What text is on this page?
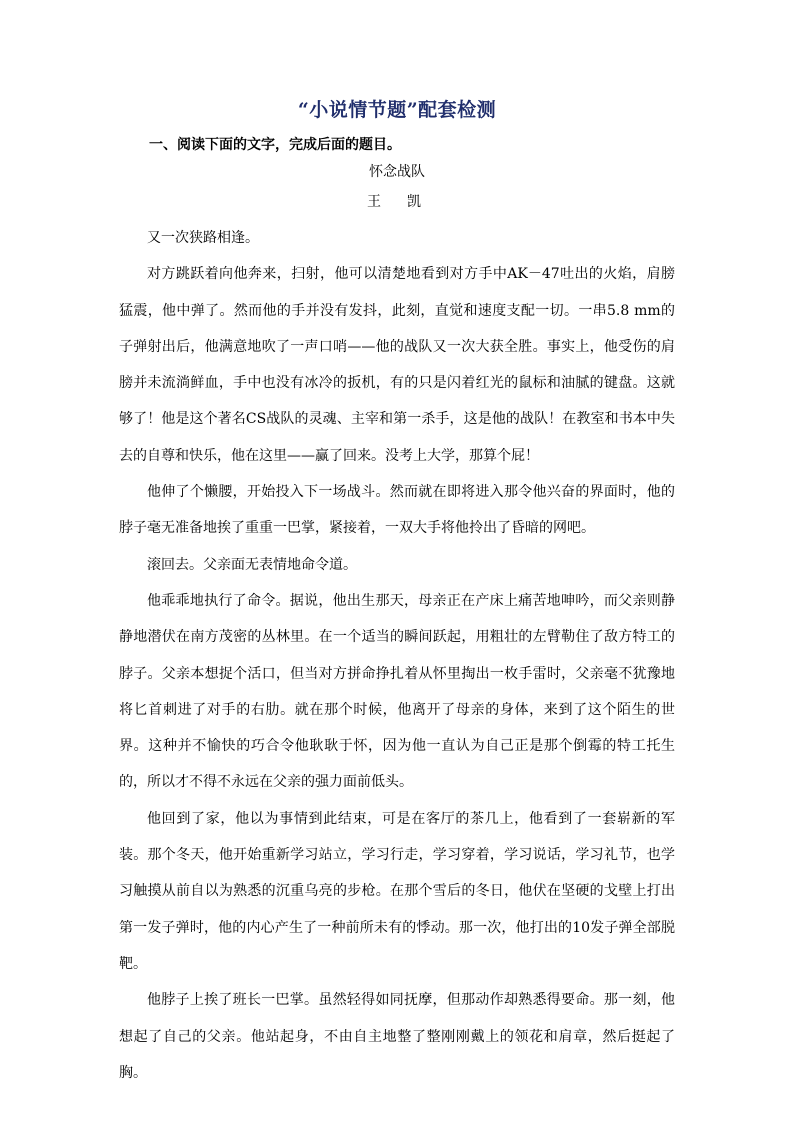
“小说情节题”配套检测
一、阅读下面的文字，完成后面的题目。
怀念战队
王　凯

又一次狭路相逢。

对方跳跃着向他奔来，扫射，他可以清楚地看到对方手中AK－47吐出的火焰，肩膀猛震，他中弹了。然而他的手并没有发抖，此刻，直觉和速度支配一切。一串5.8 mm的子弹射出后，他满意地吹了一声口哨——他的战队又一次大获全胜。事实上，他受伤的肩膀并未流淌鲜血，手中也没有冰冷的扳机，有的只是闪着红光的鼠标和油腻的键盘。这就够了！他是这个著名CS战队的灵魂、主宰和第一杀手，这是他的战队！在教室和书本中失去的自尊和快乐，他在这里——赢了回来。没考上大学，那算个屁！

他伸了个懒腰，开始投入下一场战斗。然而就在即将进入那令他兴奋的界面时，他的脖子毫无准备地挨了重重一巴掌，紧接着，一双大手将他拎出了昏暗的网吧。

滚回去。父亲面无表情地命令道。

他乖乖地执行了命令。据说，他出生那天，母亲正在产床上痛苦地呻吟，而父亲则静静地潜伏在南方茂密的丛林里。在一个适当的瞬间跃起，用粗壮的左臂勒住了敌方特工的脖子。父亲本想捉个活口，但当对方拼命挣扎着从怀里掏出一枚手雷时，父亲毫不犹豫地将匕首刺进了对手的右肋。就在那个时候，他离开了母亲的身体，来到了这个陌生的世界。这种并不愉快的巧合令他耿耿于怀，因为他一直认为自己正是那个倒霉的特工托生的，所以才不得不永远在父亲的强力面前低头。

他回到了家，他以为事情到此结束，可是在客厅的茶几上，他看到了一套崭新的军装。那个冬天，他开始重新学习站立，学习行走，学习穿着，学习说话，学习礼节，也学习触摸从前自以为熟悉的沉重乌亮的步枪。在那个雪后的冬日，他伏在坚硬的戈壁上打出第一发子弹时，他的内心产生了一种前所未有的悸动。那一次，他打出的10发子弹全部脱靶。

他脖子上挨了班长一巴掌。虽然轻得如同抚摩，但那动作却熟悉得要命。那一刻，他想起了自己的父亲。他站起身，不由自主地整了整刚刚戴上的领花和肩章，然后挺起了胸。
